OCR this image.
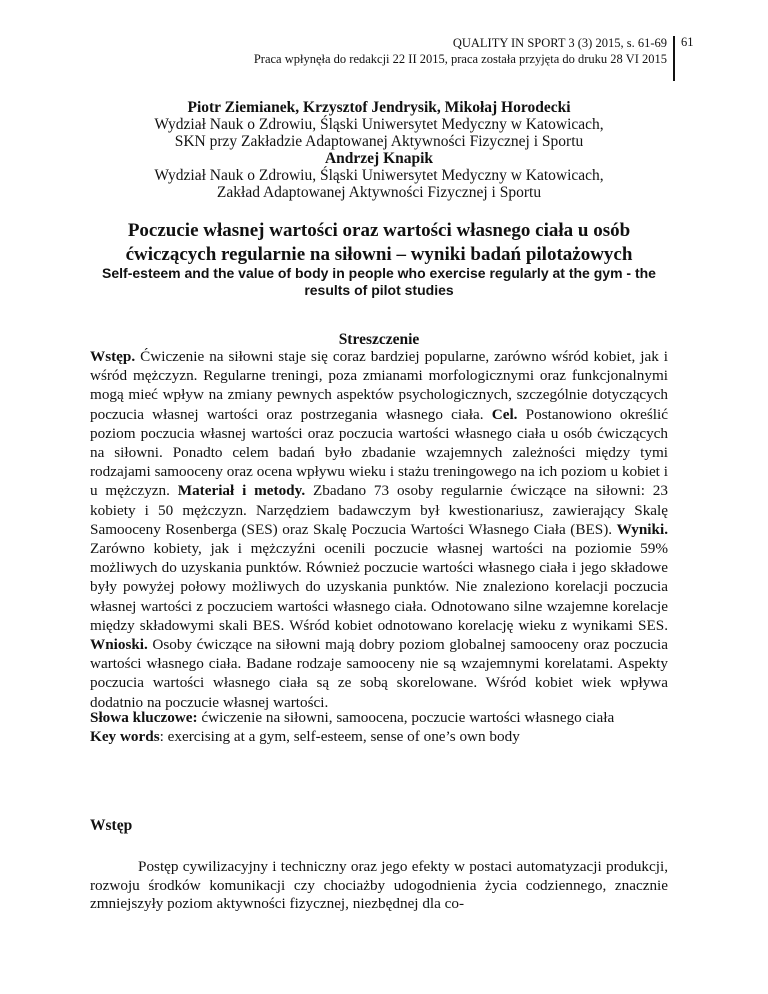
QUALITY IN SPORT 3 (3) 2015, s. 61-69
Praca wpłynęła do redakcji 22 II 2015, praca została przyjęta do druku 28 VI 2015
61
Piotr Ziemianek, Krzysztof Jendrysik, Mikołaj Horodecki
Wydział Nauk o Zdrowiu, Śląski Uniwersytet Medyczny w Katowicach,
SKN przy Zakładzie Adaptowanej Aktywności Fizycznej i Sportu
Andrzej Knapik
Wydział Nauk o Zdrowiu, Śląski Uniwersytet Medyczny w Katowicach,
Zakład Adaptowanej Aktywności Fizycznej i Sportu
Poczucie własnej wartości oraz wartości własnego ciała u osób ćwiczących regularnie na siłowni – wyniki badań pilotażowych
Self-esteem and the value of body in people who exercise regularly at the gym - the results of pilot studies
Streszczenie
Wstęp. Ćwiczenie na siłowni staje się coraz bardziej popularne, zarówno wśród kobiet, jak i wśród mężczyzn. Regularne treningi, poza zmianami morfologicznymi oraz funkcjonalnymi mogą mieć wpływ na zmiany pewnych aspektów psychologicznych, szczególnie dotyczących poczucia własnej wartości oraz postrzegania własnego ciała. Cel. Postanowiono określić poziom poczucia własnej wartości oraz poczucia wartości własnego ciała u osób ćwiczących na siłowni. Ponadto celem badań było zbadanie wzajemnych zależności między tymi rodzajami samooceny oraz ocena wpływu wieku i stażu treningowego na ich poziom u kobiet i u mężczyzn. Materiał i metody. Zbadano 73 osoby regularnie ćwiczące na siłowni: 23 kobiety i 50 mężczyzn. Narzędziem badawczym był kwestionariusz, zawierający Skalę Samooceny Rosenberga (SES) oraz Skalę Poczucia Wartości Własnego Ciała (BES). Wyniki. Zarówno kobiety, jak i mężczyźni ocenili poczucie własnej wartości na poziomie 59% możliwych do uzyskania punktów. Również poczucie wartości własnego ciała i jego składowe były powyżej połowy możliwych do uzyskania punktów. Nie znaleziono korelacji poczucia własnej wartości z poczuciem wartości własnego ciała. Odnotowano silne wzajemne korelacje między składowymi skali BES. Wśród kobiet odnotowano korelację wieku z wynikami SES. Wnioski. Osoby ćwiczące na siłowni mają dobry poziom globalnej samooceny oraz poczucia wartości własnego ciała. Badane rodzaje samooceny nie są wzajemnymi korelatami. Aspekty poczucia wartości własnego ciała są ze sobą skorelowane. Wśród kobiet wiek wpływa dodatnio na poczucie własnej wartości.
Słowa kluczowe: ćwiczenie na siłowni, samoocena, poczucie wartości własnego ciała
Key words: exercising at a gym, self-esteem, sense of one’s own body
Wstęp
Postęp cywilizacyjny i techniczny oraz jego efekty w postaci automatyzacji produkcji, rozwoju środków komunikacji czy chociażby udogodnienia życia codziennego, znacznie zmniejszyły poziom aktywności fizycznej, niezbędnej dla co-
